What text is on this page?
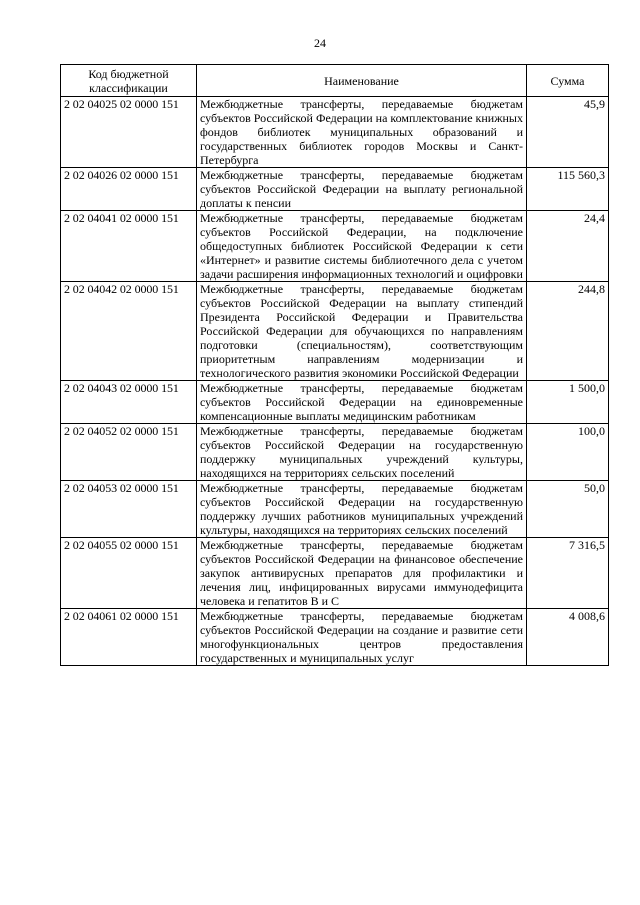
24
Код бюджетной классификации	Наименование	Сумма
2 02 04025 02 0000 151	Межбюджетные трансферты, передаваемые бюджетам субъектов Российской Федерации на комплектование книжных фондов библиотек муниципальных образований и государственных библиотек городов Москвы и Санкт-Петербурга	45,9
2 02 04026 02 0000 151	Межбюджетные трансферты, передаваемые бюджетам субъектов Российской Федерации на выплату региональной доплаты к пенсии	115 560,3
2 02 04041 02 0000 151	Межбюджетные трансферты, передаваемые бюджетам субъектов Российской Федерации, на подключение общедоступных библиотек Российской Федерации к сети «Интернет» и развитие системы библиотечного дела с учетом задачи расширения информационных технологий и оцифровки	24,4
2 02 04042 02 0000 151	Межбюджетные трансферты, передаваемые бюджетам субъектов Российской Федерации на выплату стипендий Президента Российской Федерации и Правительства Российской Федерации для обучающихся по направлениям подготовки (специальностям), соответствующим приоритетным направлениям модернизации и технологического развития экономики Российской Федерации	244,8
2 02 04043 02 0000 151	Межбюджетные трансферты, передаваемые бюджетам субъектов Российской Федерации на единовременные компенсационные выплаты медицинским работникам	1 500,0
2 02 04052 02 0000 151	Межбюджетные трансферты, передаваемые бюджетам субъектов Российской Федерации на государственную поддержку муниципальных учреждений культуры, находящихся на территориях сельских поселений	100,0
2 02 04053 02 0000 151	Межбюджетные трансферты, передаваемые бюджетам субъектов Российской Федерации на государственную поддержку лучших работников муниципальных учреждений культуры, находящихся на территориях сельских поселений	50,0
2 02 04055 02 0000 151	Межбюджетные трансферты, передаваемые бюджетам субъектов Российской Федерации на финансовое обеспечение закупок антивирусных препаратов для профилактики и лечения лиц, инфицированных вирусами иммунодефицита человека и гепатитов B и C	7 316,5
2 02 04061 02 0000 151	Межбюджетные трансферты, передаваемые бюджетам субъектов Российской Федерации на создание и развитие сети многофункциональных центров предоставления государственных и муниципальных услуг	4 008,6
